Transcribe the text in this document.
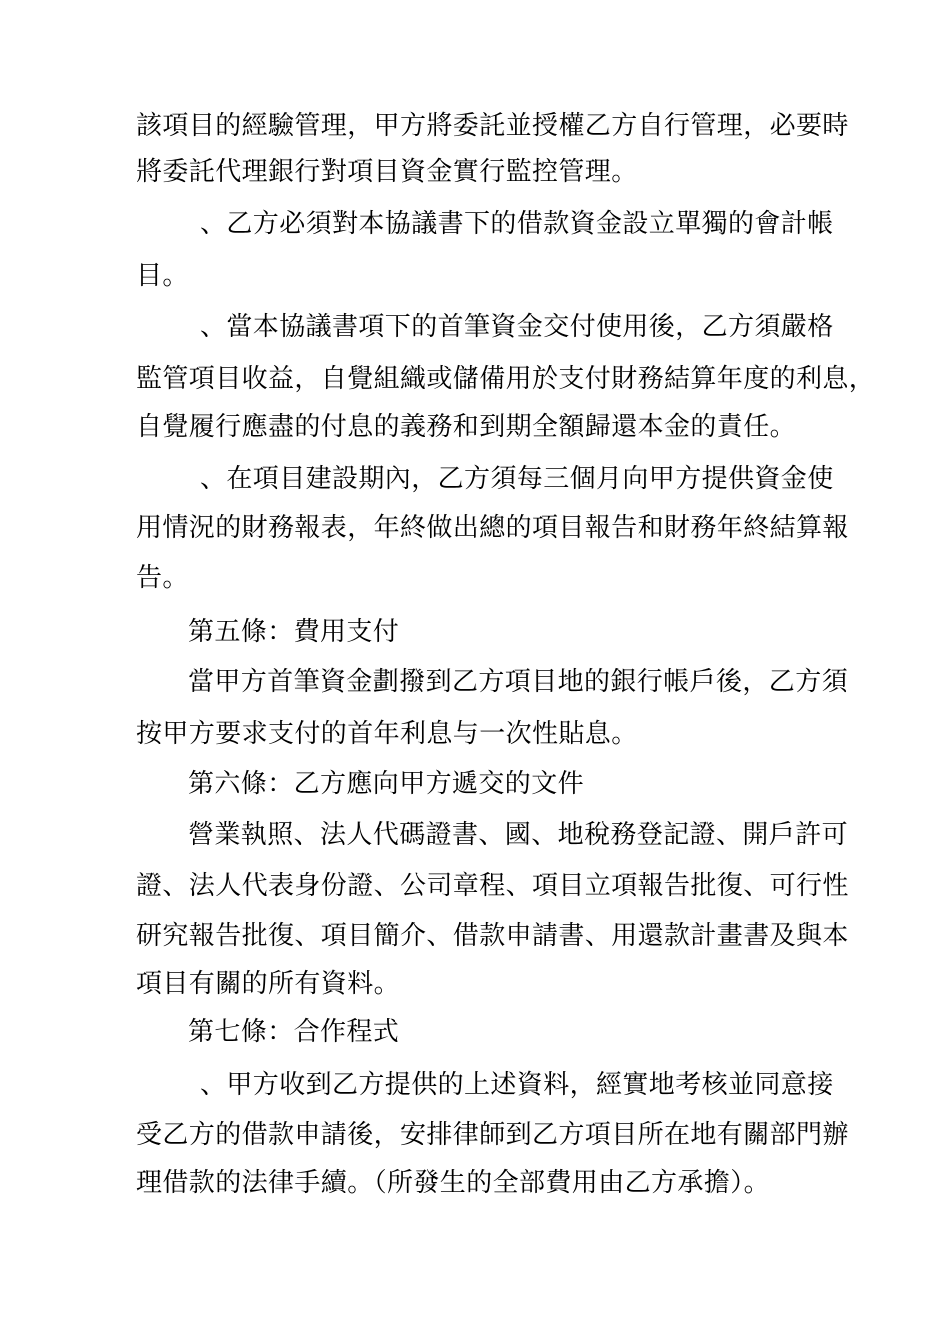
該項目的經驗管理，甲方將委託並授權乙方自行管理，必要時
將委託代理銀行對項目資金實行監控管理。
、乙方必須對本協議書下的借款資金設立單獨的會計帳
目。
、當本協議書項下的首筆資金交付使用後，乙方須嚴格
監管項目收益，自覺組織或儲備用於支付財務結算年度的利息，
自覺履行應盡的付息的義務和到期全額歸還本金的責任。
、在項目建設期內，乙方須每三個月向甲方提供資金使
用情況的財務報表，年終做出總的項目報告和財務年終結算報
告。
第五條：費用支付
當甲方首筆資金劃撥到乙方項目地的銀行帳戶後，乙方須
按甲方要求支付的首年利息与一次性貼息。
第六條：乙方應向甲方遞交的文件
營業執照、法人代碼證書、國、地稅務登記證、開戶許可
證、法人代表身份證、公司章程、項目立項報告批復、可行性
研究報告批復、項目簡介、借款申請書、用還款計畫書及與本
項目有關的所有資料。
第七條：合作程式
、甲方收到乙方提供的上述資料，經實地考核並同意接
受乙方的借款申請後，安排律師到乙方項目所在地有關部門辦
理借款的法律手續。（所發生的全部費用由乙方承擔）。
